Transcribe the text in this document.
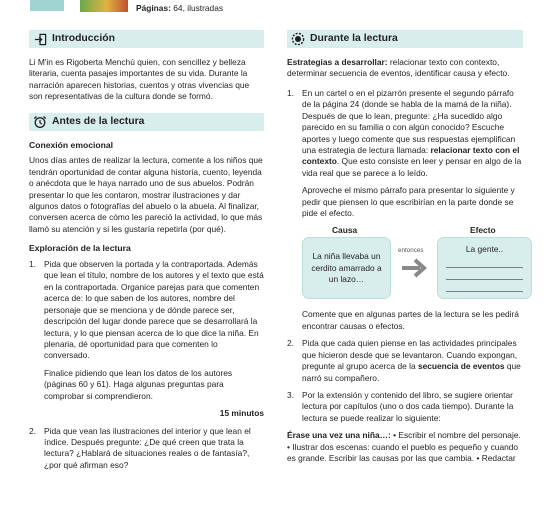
Páginas: 64, ilustradas
Introducción

Li M'in es Rigoberta Menchú quien, con sencillez y belleza literaria, cuenta pasajes importantes de su vida. Durante la narración aparecen historias, cuentos y otras vivencias que son representativas de la cultura donde se formó.

Antes de la lectura
Conexión emocional

Unos días antes de realizar la lectura, comente a los niños que tendrán oportunidad de contar alguna historia, cuento, leyenda o anécdota que le haya narrado uno de sus abuelos. Podrán presentar lo que les contaron, mostrar ilustraciones y dar algunos datos o fotografías del abuelo o la abuela. Al finalizar, conversen acerca de cómo les pareció la actividad, lo que más llamó su atención y si les gustaría repetirla (por qué).

Exploración de la lectura
1. Pida que observen la portada y la contraportada. Además que lean el título, nombre de los autores y el texto que está en la contraportada. Organice parejas para que comenten acerca de: lo que saben de los autores, nombre del personaje que se menciona y de dónde parece ser, descripción del lugar donde parece que se desarrollará la lectura, y lo que piensan acerca de lo que dice la niña. En plenaria, dé oportunidad para que comenten lo conversado.

Finalice pidiendo que lean los datos de los autores (páginas 60 y 61). Haga algunas preguntas para comprobar si comprendieron.

15 minutos
2. Pida que vean las ilustraciones del interior y que lean el índice. Después pregunte: ¿De qué creen que trata la lectura? ¿Hablará de situaciones reales o de fantasía?, ¿por qué afirman eso?
Durante la lectura

Estrategias a desarrollar: relacionar texto con contexto, determinar secuencia de eventos, identificar causa y efecto.

1. En un cartel o en el pizarrón presente el segundo párrafo de la página 24 (donde se habla de la mamá de la niña). Después de que lo lean, pregunte: ¿Ha sucedido algo parecido en su familia o con algún conocido? Escuche aportes y luego comente que sus respuestas ejemplifican una estrategia de lectura llamada: relacionar texto con el contexto. Que esto consiste en leer y pensar en algo de la vida real que se parece a lo leído.

Aproveche el mismo párrafo para presentar lo siguiente y pedir que piensen lo que escribirían en la parte donde se pide el efecto.

Causa	Efecto
La niña llevaba un cerdito amarrado a un lazo…
entonces	La gente..

Comente que en algunas partes de la lectura se les pedirá encontrar causas o efectos.

2. Pida que cada quien piense en las actividades principales que hicieron desde que se levantaron. Cuando expongan, pregunte al grupo acerca de la secuencia de eventos que narró su compañero.
3. Por la extensión y contenido del libro, se sugiere orientar lectura por capítulos (uno o dos cada tiempo). Durante la lectura se puede realizar lo siguiente:

Érase una vez una niña…: • Escribir el nombre del personaje. • Ilustrar dos escenas: cuando el pueblo es pequeño y cuando es grande. Escribir las causas por las que cambia. • Redactar
